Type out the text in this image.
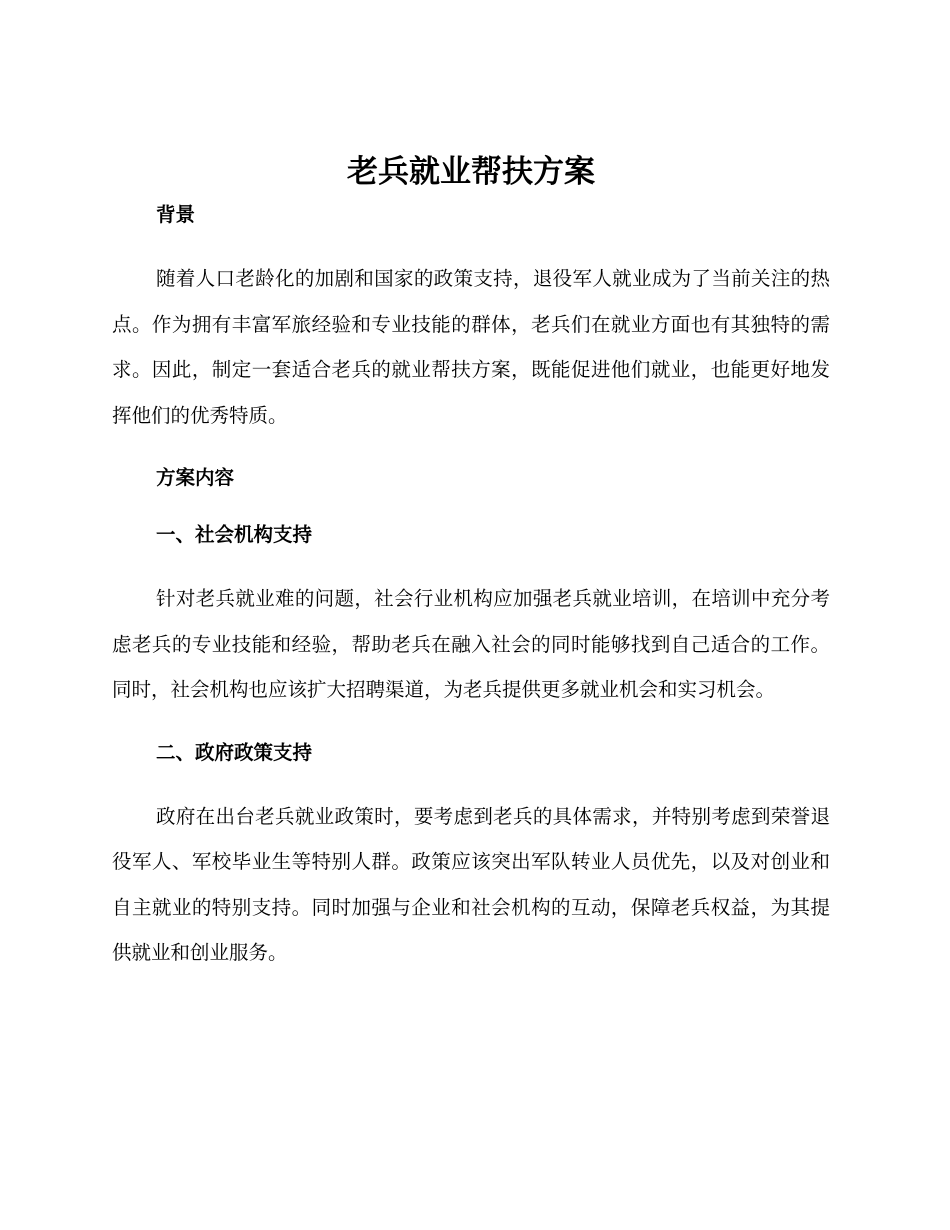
老兵就业帮扶方案
背景

随着人口老龄化的加剧和国家的政策支持，退役军人就业成为了当前关注的热点。作为拥有丰富军旅经验和专业技能的群体，老兵们在就业方面也有其独特的需求。因此，制定一套适合老兵的就业帮扶方案，既能促进他们就业，也能更好地发挥他们的优秀特质。

方案内容
一、社会机构支持

针对老兵就业难的问题，社会行业机构应加强老兵就业培训，在培训中充分考虑老兵的专业技能和经验，帮助老兵在融入社会的同时能够找到自己适合的工作。同时，社会机构也应该扩大招聘渠道，为老兵提供更多就业机会和实习机会。

二、政府政策支持

政府在出台老兵就业政策时，要考虑到老兵的具体需求，并特别考虑到荣誉退役军人、军校毕业生等特别人群。政策应该突出军队转业人员优先，以及对创业和自主就业的特别支持。同时加强与企业和社会机构的互动，保障老兵权益，为其提供就业和创业服务。
